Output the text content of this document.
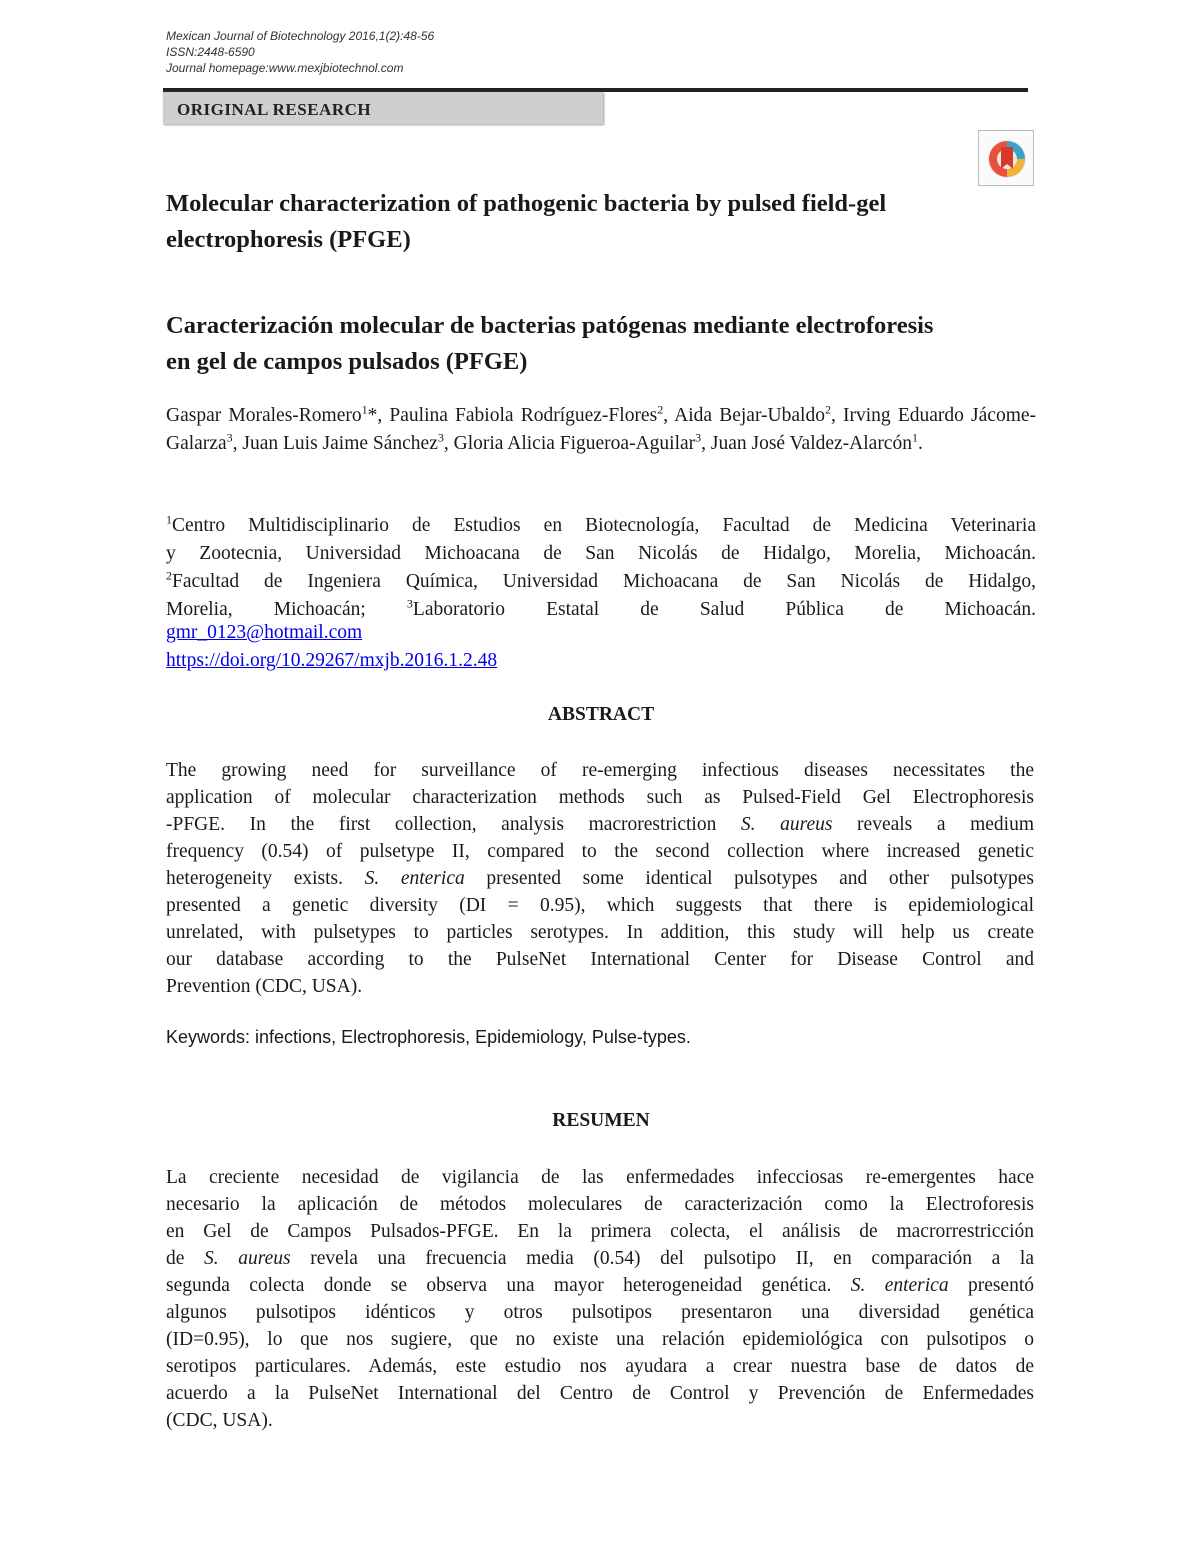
Mexican Journal of Biotechnology 2016,1(2):48-56
ISSN:2448-6590
Journal homepage:www.mexjbiotechnol.com
ORIGINAL RESEARCH
Molecular characterization of pathogenic bacteria by pulsed field-gel
electrophoresis (PFGE)
Caracterización molecular de bacterias patógenas mediante electroforesis
en gel de campos pulsados (PFGE)
Gaspar Morales-Romero$^1$*, Paulina Fabiola Rodríguez-Flores$^2$, Aida Bejar-Ubaldo$^2$, Irving Eduardo Jácome-Galarza$^3$, Juan Luis Jaime Sánchez$^3$, Gloria Alicia Figueroa-Aguilar$^3$, Juan José Valdez-Alarcón$^1$.
$^1$Centro Multidisciplinario de Estudios en Biotecnología, Facultad de Medicina Veterinaria
y Zootecnia, Universidad Michoacana de San Nicolás de Hidalgo, Morelia, Michoacán.
$^2$Facultad de Ingeniera Química, Universidad Michoacana de San Nicolás de Hidalgo,
Morelia, Michoacán;	$^3$Laboratorio Estatal de Salud Pública de Michoacán.
gmr_0123@hotmail.com
https://doi.org/10.29267/mxjb.2016.1.2.48
ABSTRACT
The growing need for surveillance of re-emerging infectious diseases necessitates the
application of molecular characterization methods such as Pulsed-Field Gel Electrophoresis
-PFGE. In the first collection, analysis macrorestriction S. aureus reveals a medium
frequency (0.54) of pulsetype II, compared to the second collection where increased genetic
heterogeneity exists. S. enterica presented some identical pulsotypes and other pulsotypes
presented a genetic diversity (DI = 0.95), which suggests that there is epidemiological
unrelated, with pulsetypes to particles serotypes. In addition, this study will help us create
our database according to the PulseNet International Center for Disease Control and
Prevention (CDC, USA).
Keywords: infections, Electrophoresis, Epidemiology, Pulse-types.
RESUMEN
La creciente necesidad de vigilancia de las enfermedades infecciosas re-emergentes hace
necesario la aplicación de métodos moleculares de caracterización como la Electroforesis
en Gel de Campos Pulsados-PFGE. En la primera colecta, el análisis de macrorrestricción
de S. aureus revela una frecuencia media (0.54) del pulsotipo II, en comparación a la
segunda colecta donde se observa una mayor heterogeneidad genética. S. enterica presentó
algunos pulsotipos idénticos y otros pulsotipos presentaron una diversidad genética
(ID=0.95), lo que nos sugiere, que no existe una relación epidemiológica con pulsotipos o
serotipos particulares. Además, este estudio nos ayudara a crear nuestra base de datos de
acuerdo a la PulseNet International del Centro de Control y Prevención de Enfermedades
(CDC, USA).
